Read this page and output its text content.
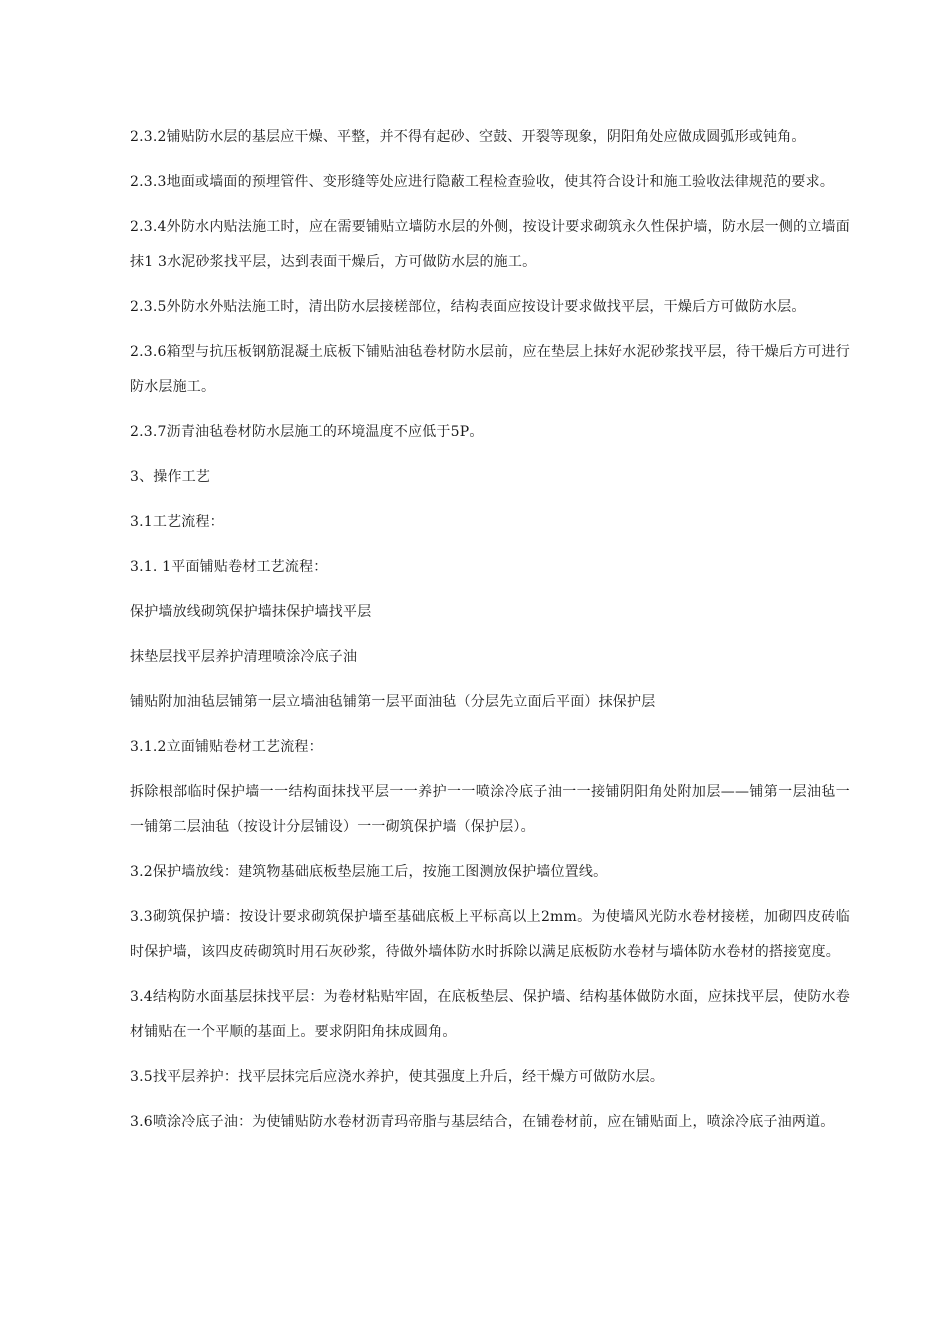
2.3.2铺贴防水层的基层应干燥、平整，并不得有起砂、空鼓、开裂等现象，阴阳角处应做成圆弧形或钝角。

2.3.3地面或墙面的预埋管件、变形缝等处应进行隐蔽工程检查验收，使其符合设计和施工验收法律规范的要求。

2.3.4外防水内贴法施工时，应在需要铺贴立墙防水层的外侧，按设计要求砌筑永久性保护墙，防水层一侧的立墙面抹1 3水泥砂浆找平层，达到表面干燥后，方可做防水层的施工。

2.3.5外防水外贴法施工时，清出防水层接槎部位，结构表面应按设计要求做找平层，干燥后方可做防水层。

2.3.6箱型与抗压板钢筋混凝土底板下铺贴油毡卷材防水层前，应在垫层上抹好水泥砂浆找平层，待干燥后方可进行防水层施工。

2.3.7沥青油毡卷材防水层施工的环境温度不应低于5P。

3、操作工艺

3.1工艺流程：

3.1. 1平面铺贴卷材工艺流程：

保护墙放线砌筑保护墙抹保护墙找平层

抹垫层找平层养护清理喷涂冷底子油

铺贴附加油毡层铺第一层立墙油毡铺第一层平面油毡（分层先立面后平面）抹保护层

3.1.2立面铺贴卷材工艺流程：

拆除根部临时保护墙一一结构面抹找平层一一养护一一喷涂冷底子油一一接铺阴阳角处附加层——铺第一层油毡一一铺第二层油毡（按设计分层铺设）一一砌筑保护墙（保护层）。

3.2保护墙放线：建筑物基础底板垫层施工后，按施工图测放保护墙位置线。

3.3砌筑保护墙：按设计要求砌筑保护墙至基础底板上平标高以上2mm。为使墙风光防水卷材接槎，加砌四皮砖临时保护墙，该四皮砖砌筑时用石灰砂浆，待做外墙体防水时拆除以满足底板防水卷材与墙体防水卷材的搭接宽度。

3.4结构防水面基层抹找平层：为卷材粘贴牢固，在底板垫层、保护墙、结构基体做防水面，应抹找平层，使防水卷材铺贴在一个平顺的基面上。要求阴阳角抹成圆角。

3.5找平层养护：找平层抹完后应浇水养护，使其强度上升后，经干燥方可做防水层。

3.6喷涂冷底子油：为使铺贴防水卷材沥青玛帝脂与基层结合，在铺卷材前，应在铺贴面上，喷涂冷底子油两道。
